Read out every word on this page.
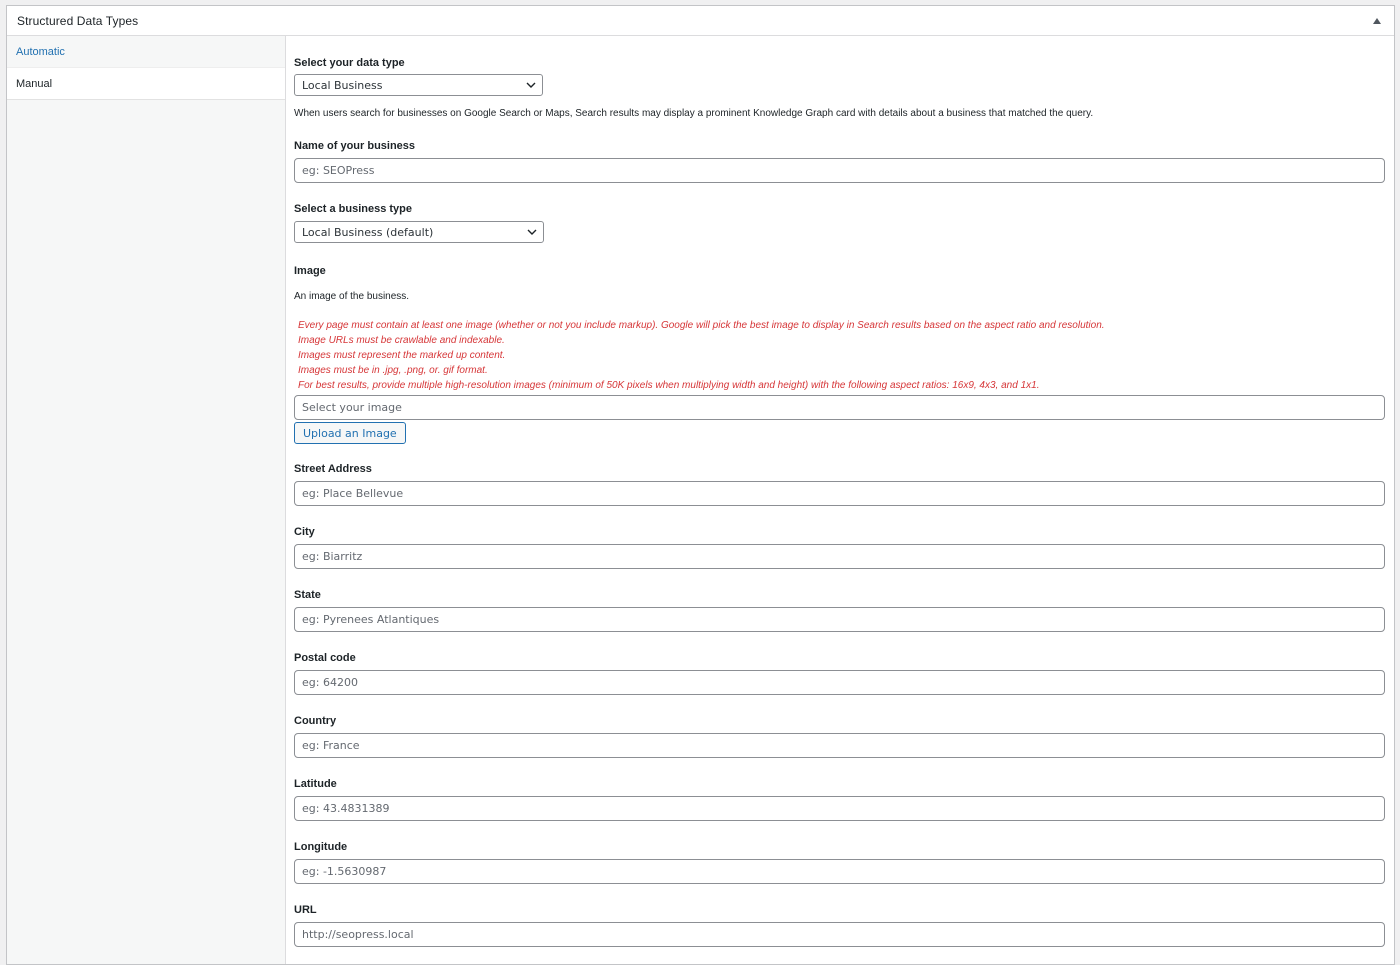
Structured Data Types
Automatic
Manual
Select your data type
Local Business
When users search for businesses on Google Search or Maps, Search results may display a prominent Knowledge Graph card with details about a business that matched the query.
Name of your business
eg: SEOPress
Select a business type
Local Business (default)
Image
An image of the business.
Every page must contain at least one image (whether or not you include markup). Google will pick the best image to display in Search results based on the aspect ratio and resolution.
Image URLs must be crawlable and indexable.
Images must represent the marked up content.
Images must be in .jpg, .png, or. gif format.
For best results, provide multiple high-resolution images (minimum of 50K pixels when multiplying width and height) with the following aspect ratios: 16x9, 4x3, and 1x1.
Select your image
Upload an Image
Street Address
eg: Place Bellevue
City
eg: Biarritz
State
eg: Pyrenees Atlantiques
Postal code
eg: 64200
Country
eg: France
Latitude
eg: 43.4831389
Longitude
eg: -1.5630987
URL
http://seopress.local
